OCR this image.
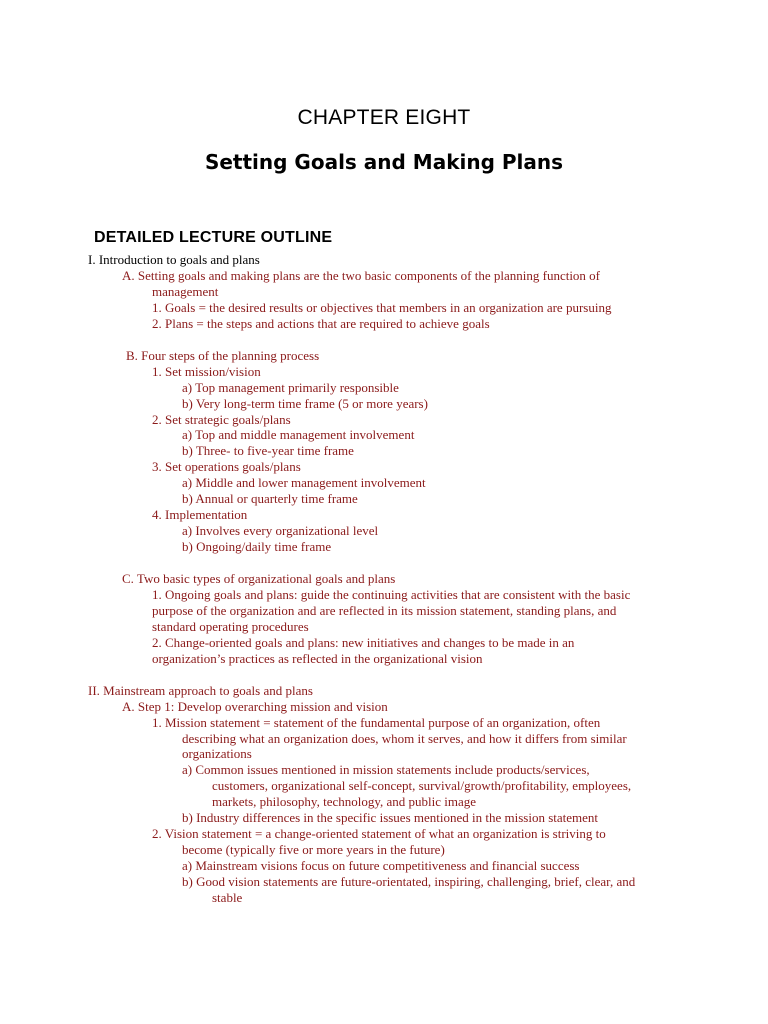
CHAPTER EIGHT
Setting Goals and Making Plans
DETAILED LECTURE OUTLINE
I. Introduction to goals and plans
A. Setting goals and making plans are the two basic components of the planning function of
management
1. Goals = the desired results or objectives that members in an organization are pursuing
2. Plans = the steps and actions that are required to achieve goals
B. Four steps of the planning process
1. Set mission/vision
a) Top management primarily responsible
b) Very long-term time frame (5 or more years)
2. Set strategic goals/plans
a) Top and middle management involvement
b) Three- to five-year time frame
3. Set operations goals/plans
a) Middle and lower management involvement
b) Annual or quarterly time frame
4. Implementation
a) Involves every organizational level
b) Ongoing/daily time frame
C. Two basic types of organizational goals and plans
1. Ongoing goals and plans: guide the continuing activities that are consistent with the basic
purpose of the organization and are reflected in its mission statement, standing plans, and
standard operating procedures
2. Change-oriented goals and plans: new initiatives and changes to be made in an
organization’s practices as reflected in the organizational vision
II. Mainstream approach to goals and plans
A. Step 1: Develop overarching mission and vision
1. Mission statement = statement of the fundamental purpose of an organization, often
describing what an organization does, whom it serves, and how it differs from similar
organizations
a) Common issues mentioned in mission statements include products/services,
customers, organizational self-concept, survival/growth/profitability, employees,
markets, philosophy, technology, and public image
b) Industry differences in the specific issues mentioned in the mission statement
2. Vision statement = a change-oriented statement of what an organization is striving to
become (typically five or more years in the future)
a) Mainstream visions focus on future competitiveness and financial success
b) Good vision statements are future-orientated, inspiring, challenging, brief, clear, and
stable
